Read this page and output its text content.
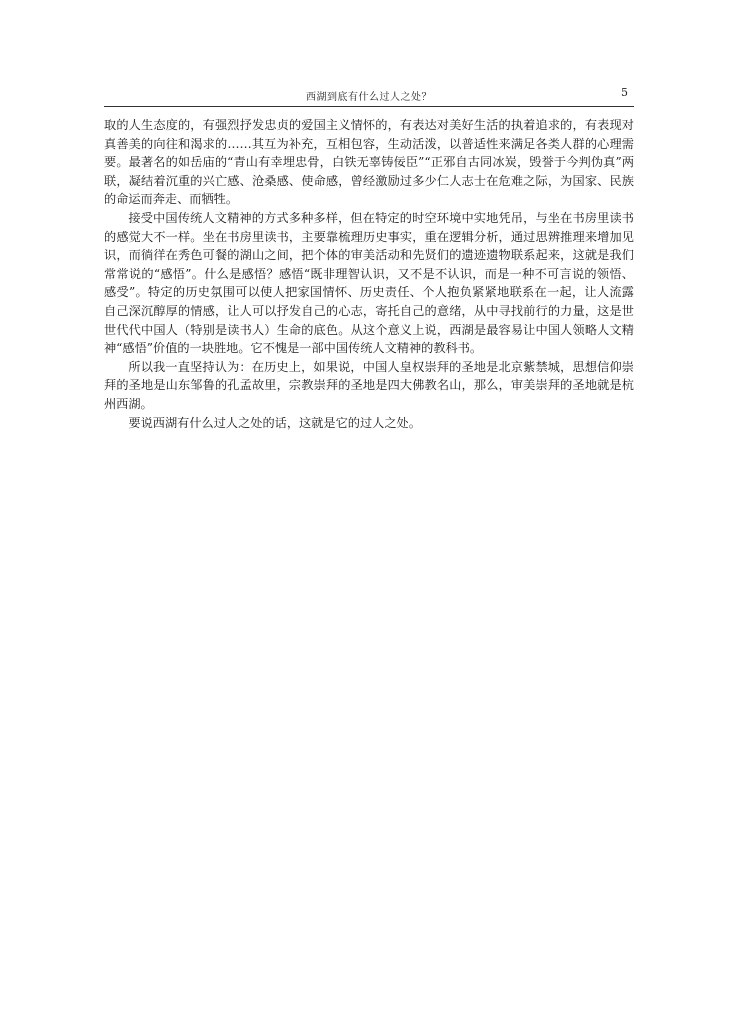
西湖到底有什么过人之处？	5

取的人生态度的，有强烈抒发忠贞的爱国主义情怀的，有表达对美好生活的执着追求的，有表现对真善美的向往和渴求的……其互为补充，互相包容，生动活泼，以普适性来满足各类人群的心理需要。最著名的如岳庙的“青山有幸埋忠骨，白铁无辜铸佞臣”“正邪自古同冰炭，毁誉于今判伪真”两联，凝结着沉重的兴亡感、沧桑感、使命感，曾经激励过多少仁人志士在危难之际，为国家、民族的命运而奔走、而牺牲。

接受中国传统人文精神的方式多种多样，但在特定的时空环境中实地凭吊，与坐在书房里读书的感觉大不一样。坐在书房里读书，主要靠梳理历史事实，重在逻辑分析，通过思辨推理来增加见识，而徜徉在秀色可餐的湖山之间，把个体的审美活动和先贤们的遗迹遗物联系起来，这就是我们常常说的“感悟”。什么是感悟？感悟“既非理智认识，又不是不认识，而是一种不可言说的领悟、感受”。特定的历史氛围可以使人把家国情怀、历史责任、个人抱负紧紧地联系在一起，让人流露自己深沉醇厚的情感，让人可以抒发自己的心志，寄托自己的意绪，从中寻找前行的力量，这是世世代代中国人（特别是读书人）生命的底色。从这个意义上说，西湖是最容易让中国人领略人文精神“感悟”价值的一块胜地。它不愧是一部中国传统人文精神的教科书。

所以我一直坚持认为：在历史上，如果说，中国人皇权崇拜的圣地是北京紫禁城，思想信仰崇拜的圣地是山东邹鲁的孔孟故里，宗教崇拜的圣地是四大佛教名山，那么，审美崇拜的圣地就是杭州西湖。

要说西湖有什么过人之处的话，这就是它的过人之处。
